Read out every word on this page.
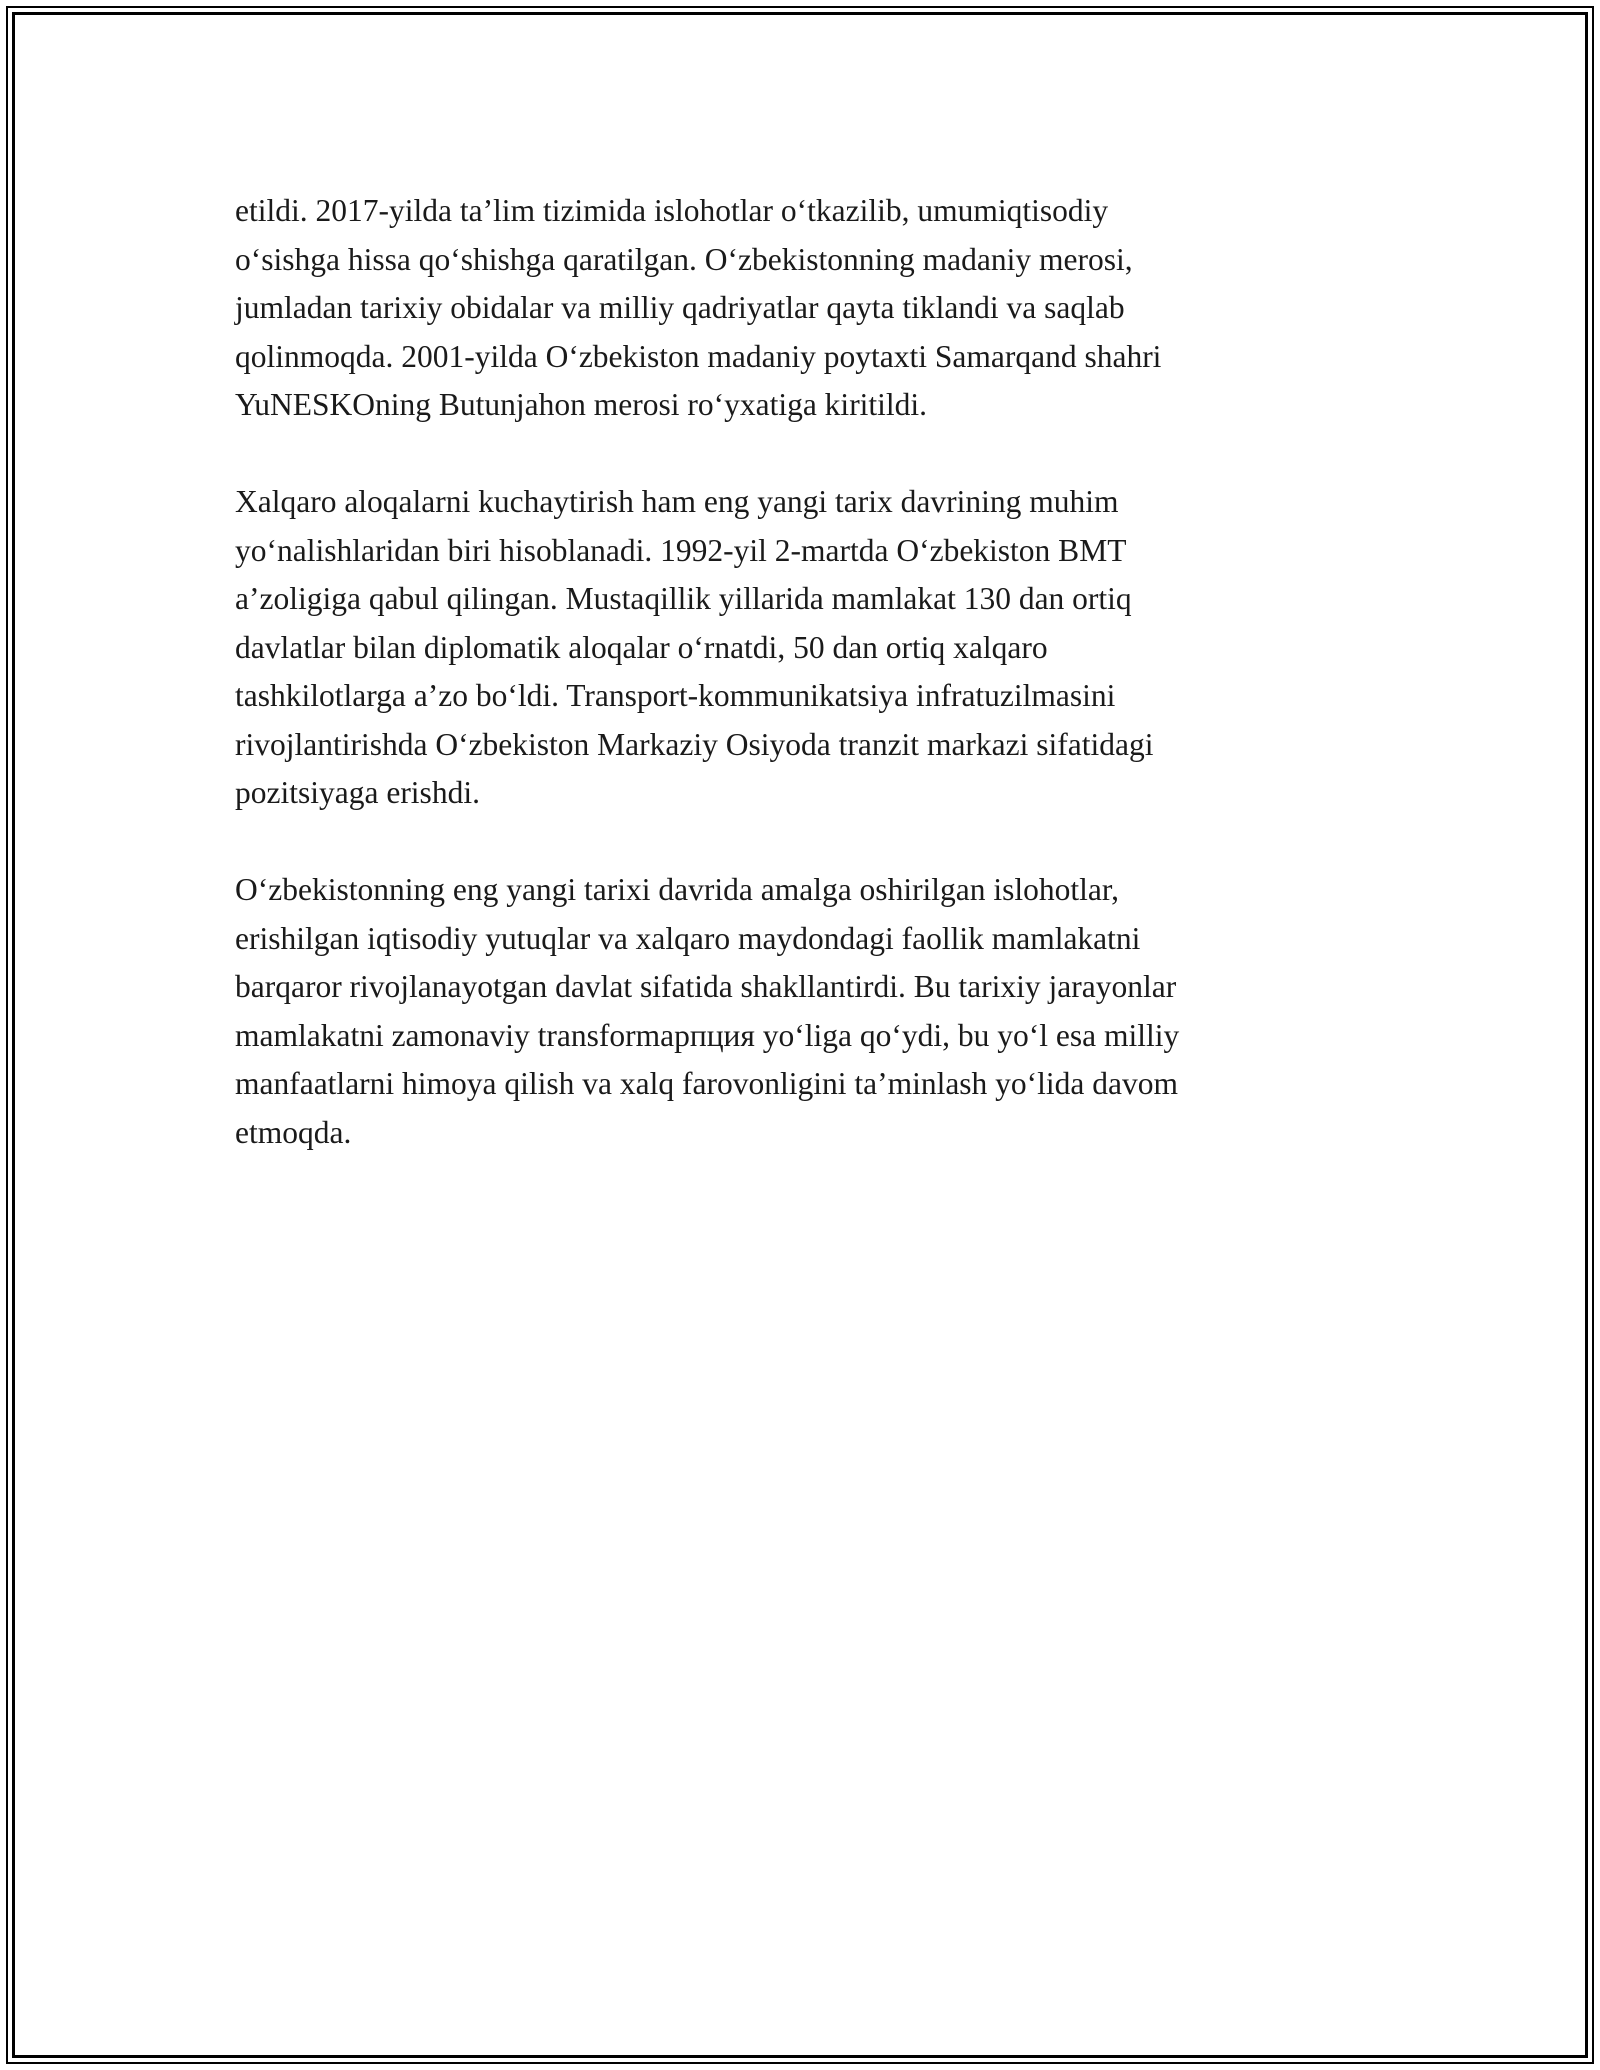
etildi. 2017-yilda ta’lim tizimida islohotlar o‘tkazilib, umumiqtisodiy
o‘sishga hissa qo‘shishga qaratilgan. O‘zbekistonning madaniy merosi,
jumladan tarixiy obidalar va milliy qadriyatlar qayta tiklandi va saqlab
qolinmoqda. 2001-yilda O‘zbekiston madaniy poytaxti Samarqand shahri
YuNESKOning Butunjahon merosi ro‘yxatiga kiritildi.

Xalqaro aloqalarni kuchaytirish ham eng yangi tarix davrining muhim
yo‘nalishlaridan biri hisoblanadi. 1992-yil 2-martda O‘zbekiston BMT
a’zoligiga qabul qilingan. Mustaqillik yillarida mamlakat 130 dan ortiq
davlatlar bilan diplomatik aloqalar o‘rnatdi, 50 dan ortiq xalqaro
tashkilotlarga a’zo bo‘ldi. Transport-kommunikatsiya infratuzilmasini
rivojlantirishda O‘zbekiston Markaziy Osiyoda tranzit markazi sifatidagi
pozitsiyaga erishdi.

O‘zbekistonning eng yangi tarixi davrida amalga oshirilgan islohotlar,
erishilgan iqtisodiy yutuqlar va xalqaro maydondagi faollik mamlakatni
barqaror rivojlanayotgan davlat sifatida shakllantirdi. Bu tarixiy jarayonlar
mamlakatni zamonaviy transformaрпция yo‘liga qo‘ydi, bu yo‘l esa milliy
manfaatlarni himoya qilish va xalq farovonligini ta’minlash yo‘lida davom
etmoqda.
